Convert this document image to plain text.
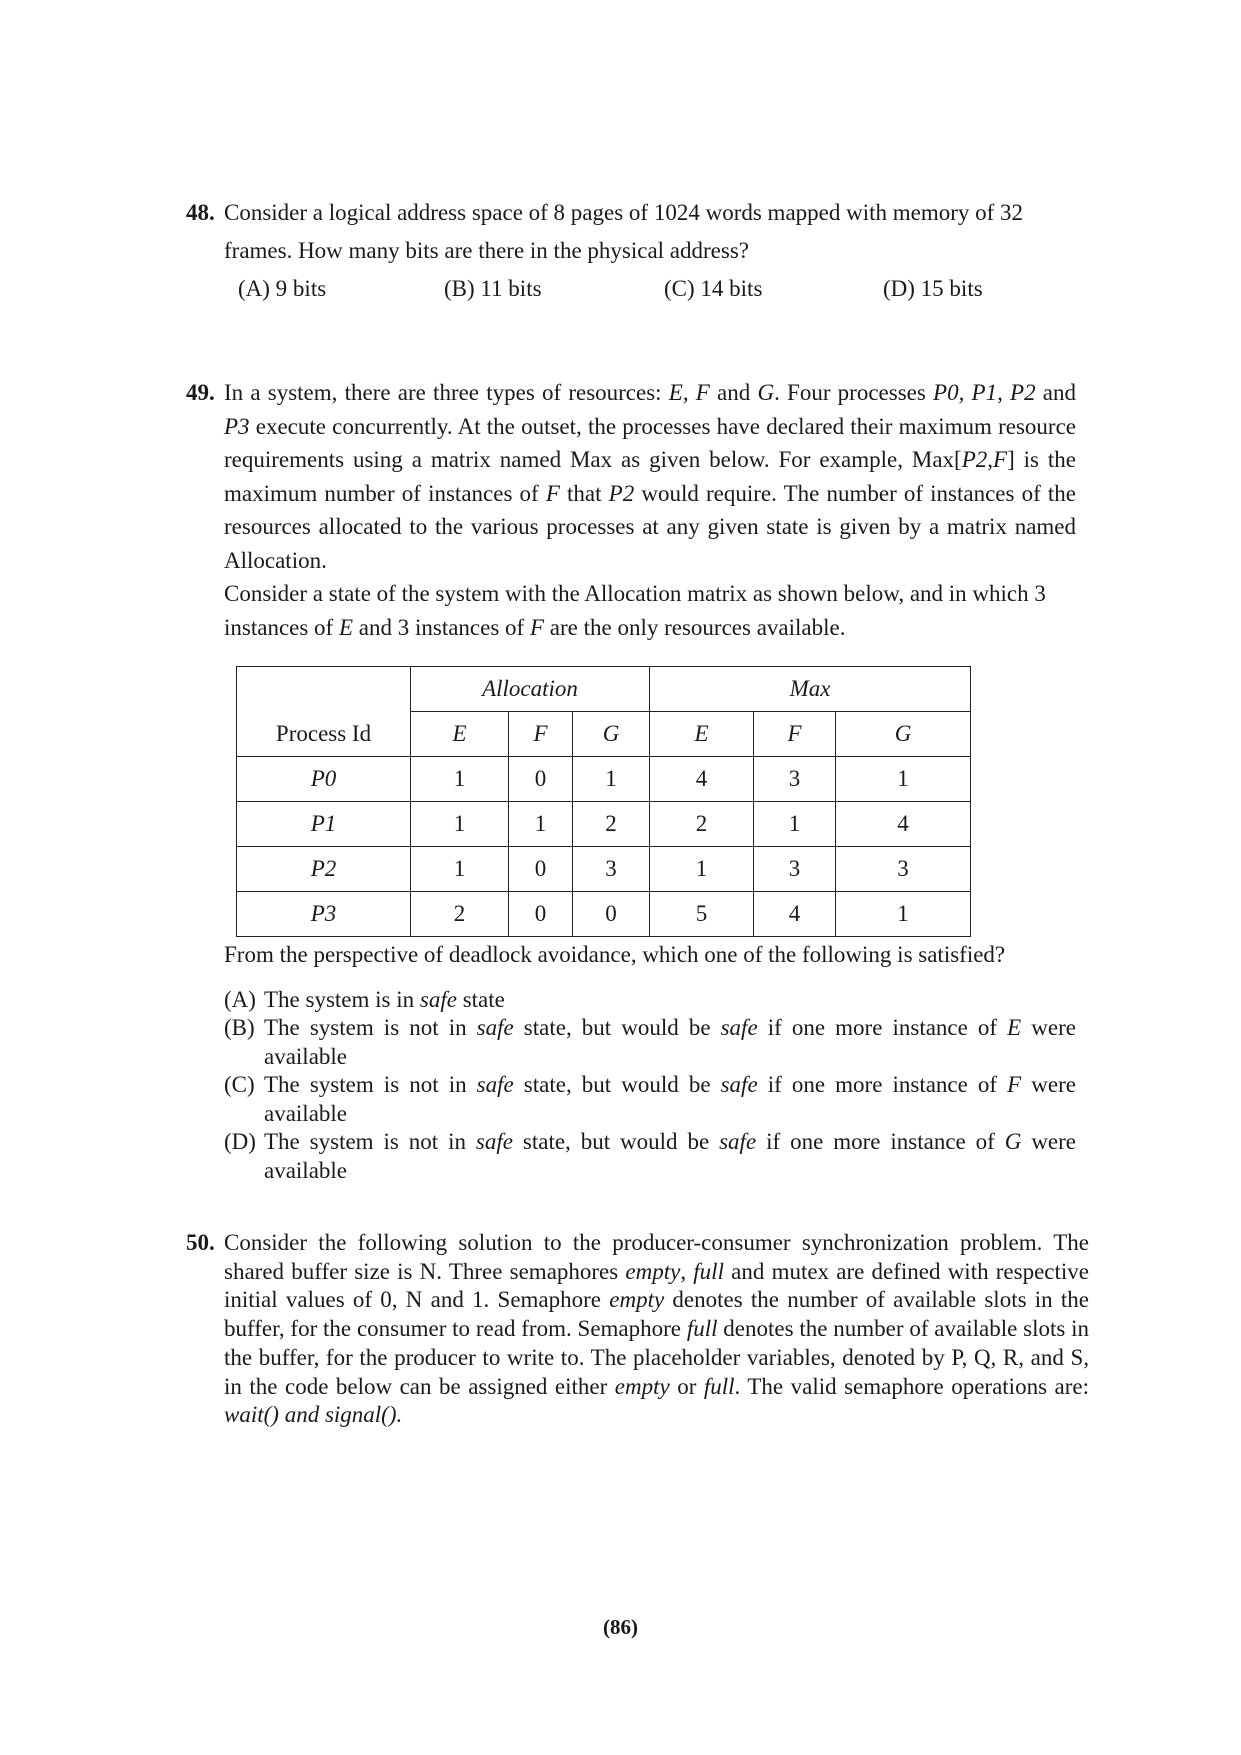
48. Consider a logical address space of 8 pages of 1024 words mapped with memory of 32
frames. How many bits are there in the physical address?
(A) 9 bits	(B) 11 bits	(C) 14 bits	(D) 15 bits
49. In a system, there are three types of resources: E, F and G. Four processes P0, P1, P2 and P3 execute concurrently. At the outset, the processes have declared their maximum resource requirements using a matrix named Max as given below. For example, Max[P2,F] is the maximum number of instances of F that P2 would require. The number of instances of the resources allocated to the various processes at any given state is given by a matrix named Allocation.
Consider a state of the system with the Allocation matrix as shown below, and in which 3 instances of E and 3 instances of F are the only resources available.
Process Id	Allocation			Max		
	E	F	G	E	F	G
P0	1	0	1	4	3	1
P1	1	1	2	2	1	4
P2	1	0	3	1	3	3
P3	2	0	0	5	4	1
From the perspective of deadlock avoidance, which one of the following is satisfied?
(A) The system is in safe state
(B) The system is not in safe state, but would be safe if one more instance of E were available
(C) The system is not in safe state, but would be safe if one more instance of F were available
(D) The system is not in safe state, but would be safe if one more instance of G were available
50. Consider the following solution to the producer-consumer synchronization problem. The shared buffer size is N. Three semaphores empty, full and mutex are defined with respective initial values of 0, N and 1. Semaphore empty denotes the number of available slots in the buffer, for the consumer to read from. Semaphore full denotes the number of available slots in the buffer, for the producer to write to. The placeholder variables, denoted by P, Q, R, and S, in the code below can be assigned either empty or full. The valid semaphore operations are: wait() and signal().
(86)
